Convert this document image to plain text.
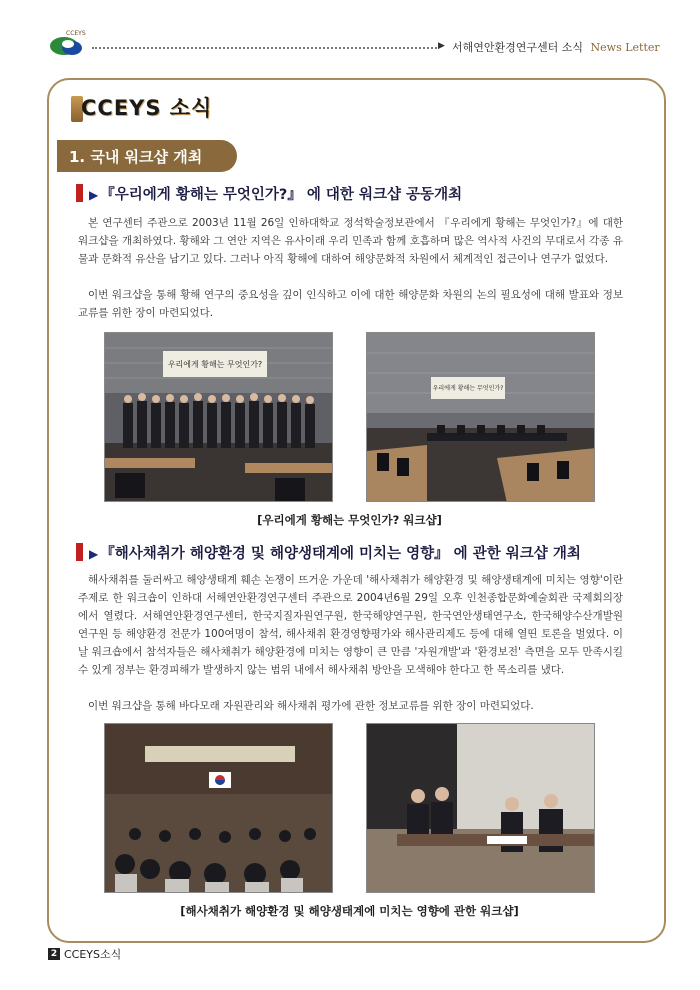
CCEYS
▶ 서해연안환경연구센터 소식 News Letter
CCEYS 소식
1. 국내 워크샵 개최
▶ 『우리에게 황해는 무엇인가?』 에 대한 워크샵 공동개최

본 연구센터 주관으로 2003년 11월 26일 인하대학교 정석학술정보관에서 『우리에게 황해는 무엇인가?』에 대한 워크샵을 개최하였다. 황해와 그 연안 지역은 유사이래 우리 민족과 함께 호흡하며 많은 역사적 사건의 무대로서 각종 유물과 문화적 유산을 남기고 있다. 그러나 아직 황해에 대하여 해양문화적 차원에서 체계적인 접근이나 연구가 없었다.

이번 워크샵을 통해 황해 연구의 중요성을 깊이 인식하고 이에 대한 해양문화 차원의 논의 필요성에 대해 발표와 정보교류를 위한 장이 마련되었다.

우리에게 황해는 무엇인가?
우리에게 황해는 무엇인가?
[우리에게 황해는 무엇인가? 워크샵]
▶ 『해사채취가 해양환경 및 해양생태계에 미치는 영향』 에 관한 워크샵 개최

해사채취를 둘러싸고 해양생태계 훼손 논쟁이 뜨거운 가운데 '해사채취가 해양환경 및 해양생태계에 미치는 영향'이란 주제로 한 워크숍이 인하대 서해연안환경연구센터 주관으로 2004년6월 29일 오후 인천종합문화예술회관 국제회의장에서 열렸다. 서해연안환경연구센터, 한국지질자원연구원, 한국해양연구원, 한국연안생태연구소, 한국해양수산개발원 연구원 등 해양환경 전문가 100여명이 참석, 해사채취 환경영향평가와 해사관리제도 등에 대해 열띤 토론을 벌였다. 이날 워크숍에서 참석자들은 해사채취가 해양환경에 미치는 영향이 큰 만큼 '자원개발'과 '환경보전' 측면을 모두 만족시킬 수 있게 정부는 환경피해가 발생하지 않는 범위 내에서 해사채취 방안을 모색해야 한다고 한 목소리를 냈다.

이번 워크샵을 통해 바다모래 자원관리와 해사채취 평가에 관한 정보교류를 위한 장이 마련되었다.

[해사채취가 해양환경 및 해양생태계에 미치는 영향에 관한 워크샵]
2 CCEYS소식
